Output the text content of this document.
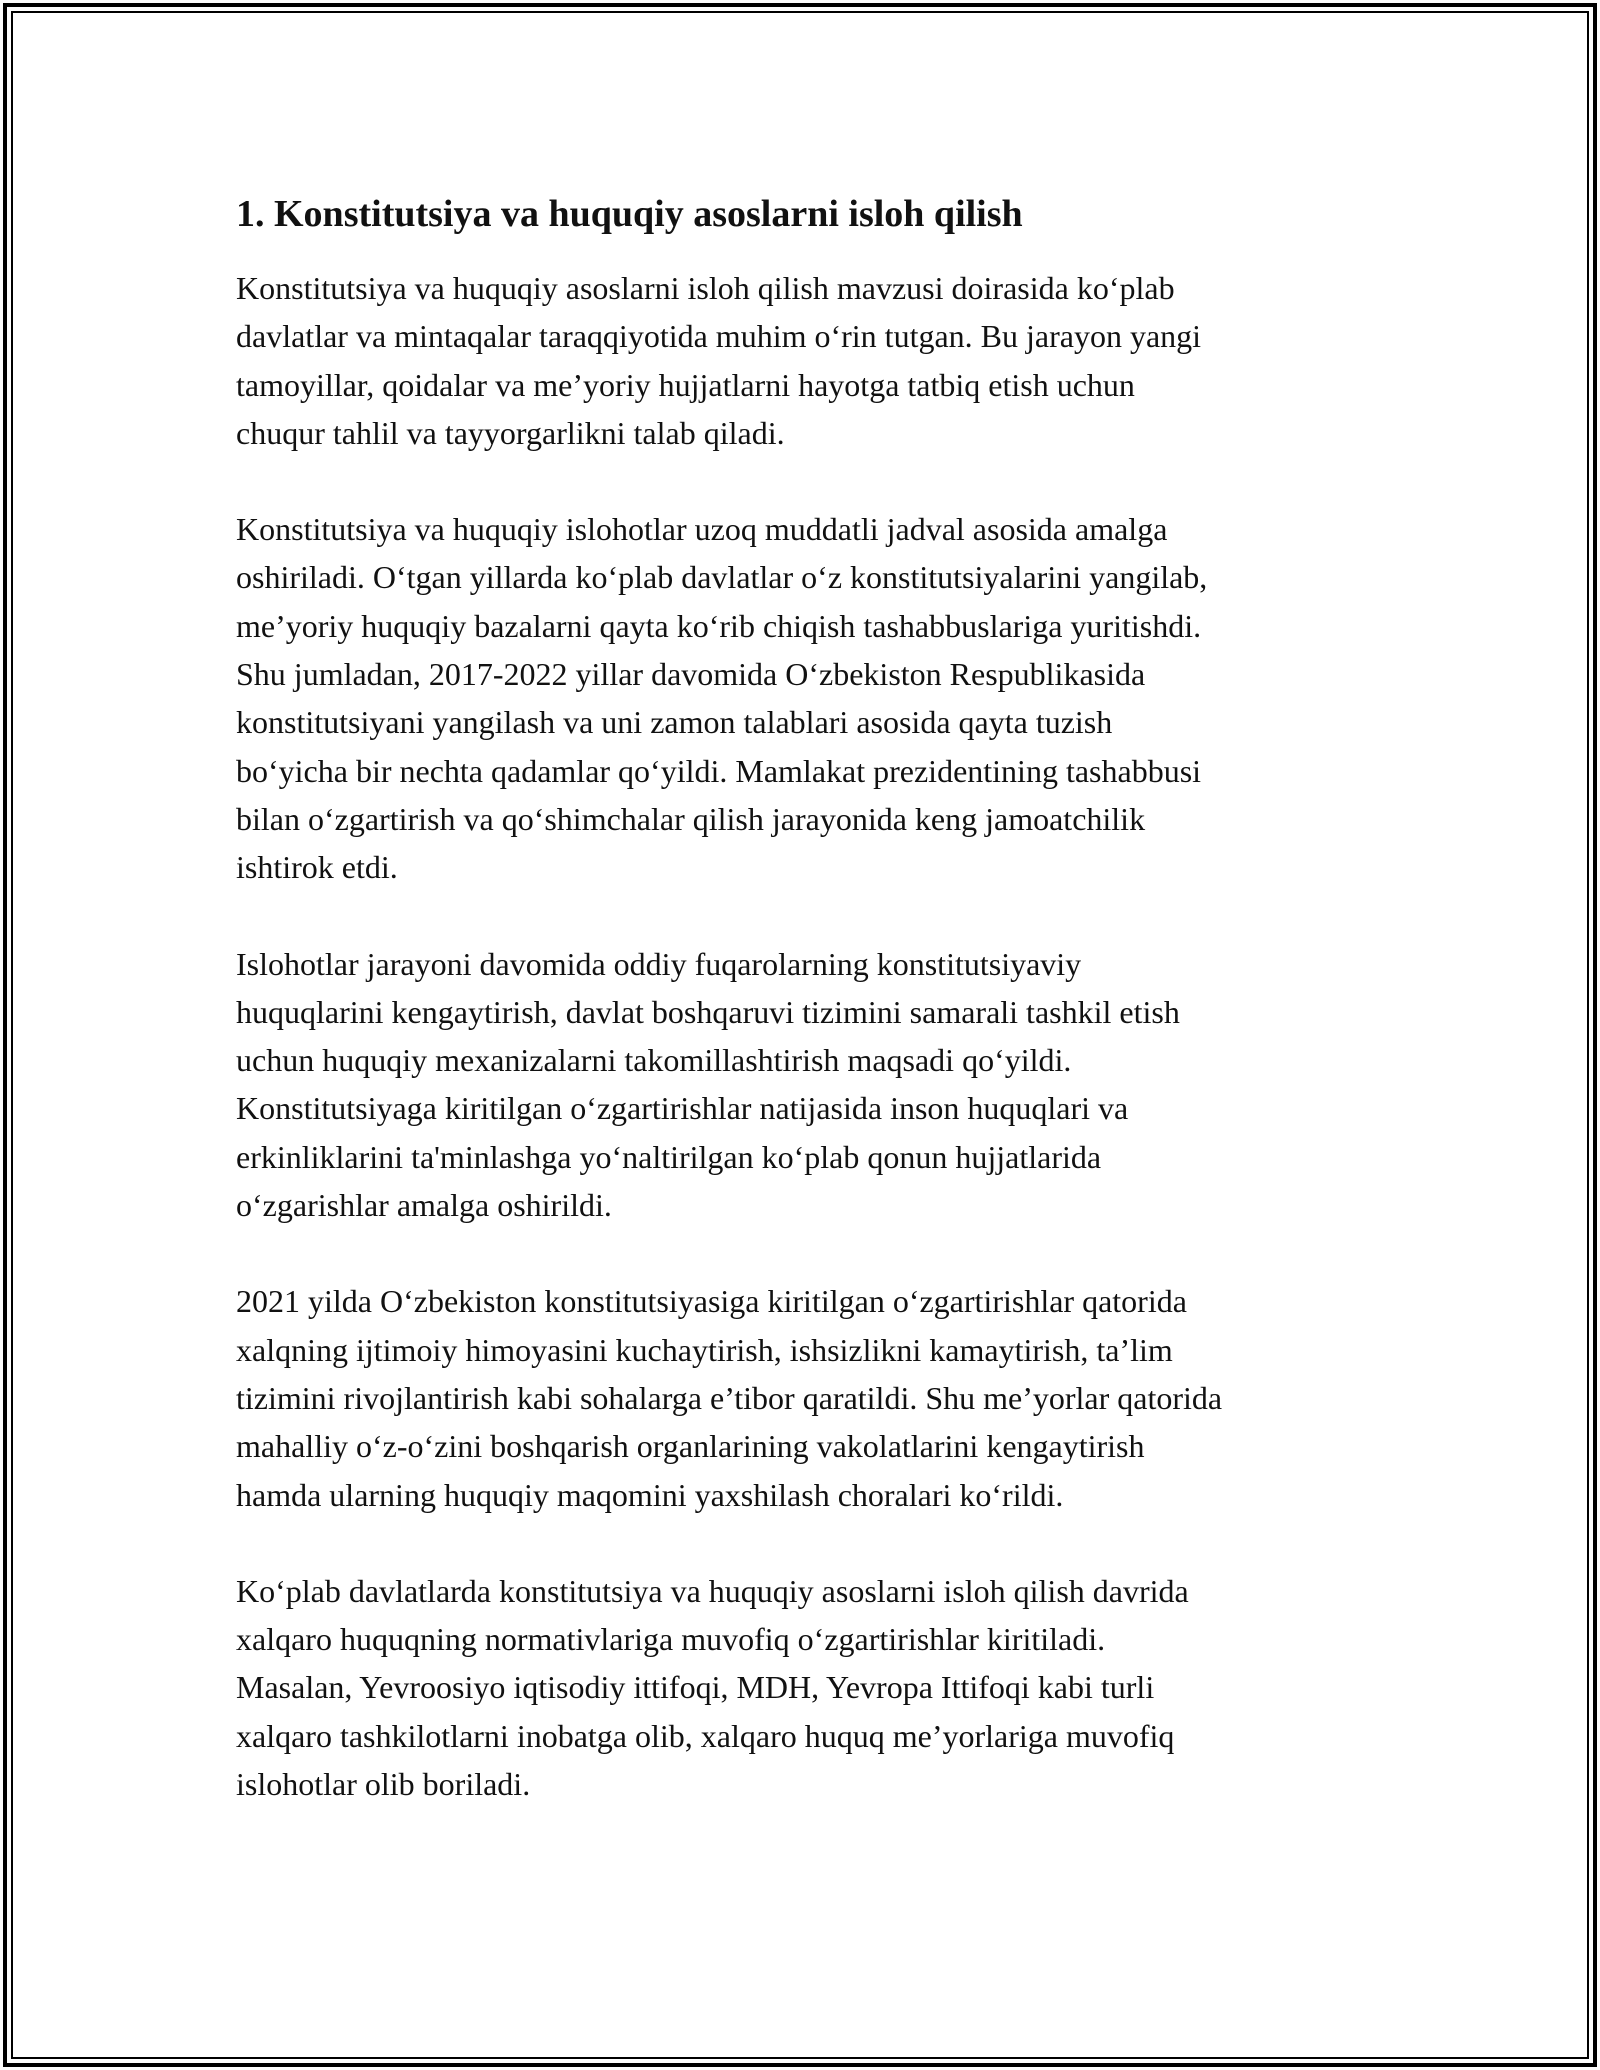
1. Konstitutsiya va huquqiy asoslarni isloh qilish

Konstitutsiya va huquqiy asoslarni isloh qilish mavzusi doirasida ko‘plab
davlatlar va mintaqalar taraqqiyotida muhim o‘rin tutgan. Bu jarayon yangi
tamoyillar, qoidalar va me’yoriy hujjatlarni hayotga tatbiq etish uchun
chuqur tahlil va tayyorgarlikni talab qiladi.

Konstitutsiya va huquqiy islohotlar uzoq muddatli jadval asosida amalga
oshiriladi. O‘tgan yillarda ko‘plab davlatlar o‘z konstitutsiyalarini yangilab,
me’yoriy huquqiy bazalarni qayta ko‘rib chiqish tashabbuslariga yuritishdi.
Shu jumladan, 2017-2022 yillar davomida O‘zbekiston Respublikasida
konstitutsiyani yangilash va uni zamon talablari asosida qayta tuzish
bo‘yicha bir nechta qadamlar qo‘yildi. Mamlakat prezidentining tashabbusi
bilan o‘zgartirish va qo‘shimchalar qilish jarayonida keng jamoatchilik
ishtirok etdi.

Islohotlar jarayoni davomida oddiy fuqarolarning konstitutsiyaviy
huquqlarini kengaytirish, davlat boshqaruvi tizimini samarali tashkil etish
uchun huquqiy mexanizalarni takomillashtirish maqsadi qo‘yildi.
Konstitutsiyaga kiritilgan o‘zgartirishlar natijasida inson huquqlari va
erkinliklarini ta'minlashga yo‘naltirilgan ko‘plab qonun hujjatlarida
o‘zgarishlar amalga oshirildi.

2021 yilda O‘zbekiston konstitutsiyasiga kiritilgan o‘zgartirishlar qatorida
xalqning ijtimoiy himoyasini kuchaytirish, ishsizlikni kamaytirish, ta’lim
tizimini rivojlantirish kabi sohalarga e’tibor qaratildi. Shu me’yorlar qatorida
mahalliy o‘z-o‘zini boshqarish organlarining vakolatlarini kengaytirish
hamda ularning huquqiy maqomini yaxshilash choralari ko‘rildi.

Ko‘plab davlatlarda konstitutsiya va huquqiy asoslarni isloh qilish davrida
xalqaro huquqning normativlariga muvofiq o‘zgartirishlar kiritiladi.
Masalan, Yevroosiyo iqtisodiy ittifoqi, MDH, Yevropa Ittifoqi kabi turli
xalqaro tashkilotlarni inobatga olib, xalqaro huquq me’yorlariga muvofiq
islohotlar olib boriladi.
